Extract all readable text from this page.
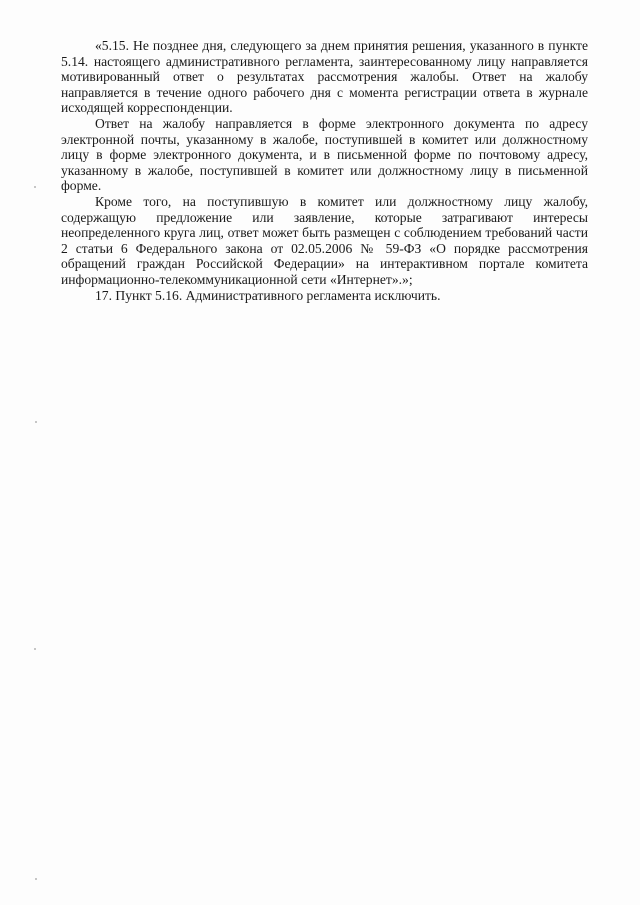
«5.15. Не позднее дня, следующего за днем принятия решения, указанного в пункте 5.14. настоящего административного регламента, заинтересованному лицу направляется мотивированный ответ о результатах рассмотрения жалобы. Ответ на жалобу направляется в течение одного рабочего дня с момента регистрации ответа в журнале исходящей корреспонденции.

Ответ на жалобу направляется в форме электронного документа по адресу электронной почты, указанному в жалобе, поступившей в комитет или должностному лицу в форме электронного документа, и в письменной форме по почтовому адресу, указанному в жалобе, поступившей в комитет или должностному лицу в письменной форме.

Кроме того, на поступившую в комитет или должностному лицу жалобу, содержащую предложение или заявление, которые затрагивают интересы неопределенного круга лиц, ответ может быть размещен с соблюдением требований части 2 статьи 6 Федерального закона от 02.05.2006 № 59-ФЗ «О порядке рассмотрения обращений граждан Российской Федерации» на интерактивном портале комитета информационно-телекоммуникационной сети «Интернет».»;

17. Пункт 5.16. Административного регламента исключить.
